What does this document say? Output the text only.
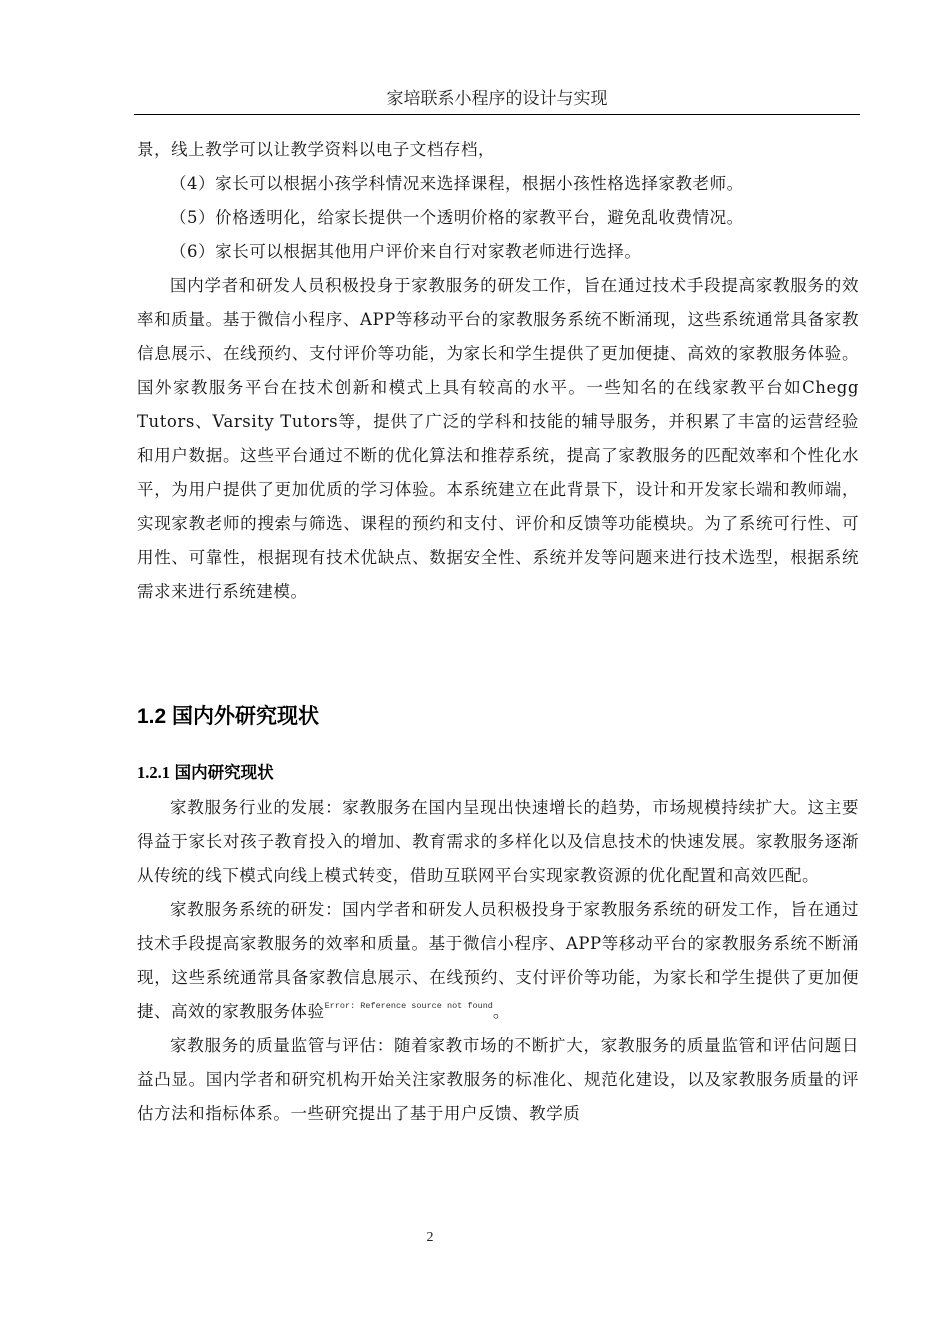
家培联系小程序的设计与实现

景，线上教学可以让教学资料以电子文档存档，

（4）家长可以根据小孩学科情况来选择课程，根据小孩性格选择家教老师。

（5）价格透明化，给家长提供一个透明价格的家教平台，避免乱收费情况。

（6）家长可以根据其他用户评价来自行对家教老师进行选择。

国内学者和研发人员积极投身于家教服务的研发工作，旨在通过技术手段提高家教服务的效率和质量。基于微信小程序、APP等移动平台的家教服务系统不断涌现，这些系统通常具备家教信息展示、在线预约、支付评价等功能，为家长和学生提供了更加便捷、高效的家教服务体验。国外家教服务平台在技术创新和模式上具有较高的水平。一些知名的在线家教平台如Chegg Tutors、Varsity Tutors等，提供了广泛的学科和技能的辅导服务，并积累了丰富的运营经验和用户数据。这些平台通过不断的优化算法和推荐系统，提高了家教服务的匹配效率和个性化水平，为用户提供了更加优质的学习体验。本系统建立在此背景下，设计和开发家长端和教师端，实现家教老师的搜索与筛选、课程的预约和支付、评价和反馈等功能模块。为了系统可行性、可用性、可靠性，根据现有技术优缺点、数据安全性、系统并发等问题来进行技术选型，根据系统需求来进行系统建模。

1.2 国内外研究现状
1.2.1 国内研究现状

家教服务行业的发展：家教服务在国内呈现出快速增长的趋势，市场规模持续扩大。这主要得益于家长对孩子教育投入的增加、教育需求的多样化以及信息技术的快速发展。家教服务逐渐从传统的线下模式向线上模式转变，借助互联网平台实现家教资源的优化配置和高效匹配。

家教服务系统的研发：国内学者和研发人员积极投身于家教服务系统的研发工作，旨在通过技术手段提高家教服务的效率和质量。基于微信小程序、APP等移动平台的家教服务系统不断涌现，这些系统通常具备家教信息展示、在线预约、支付评价等功能，为家长和学生提供了更加便捷、高效的家教服务体验$^{Error: Reference source not found}$。

家教服务的质量监管与评估：随着家教市场的不断扩大，家教服务的质量监管和评估问题日益凸显。国内学者和研究机构开始关注家教服务的标准化、规范化建设，以及家教服务质量的评估方法和指标体系。一些研究提出了基于用户反馈、教学质

2
